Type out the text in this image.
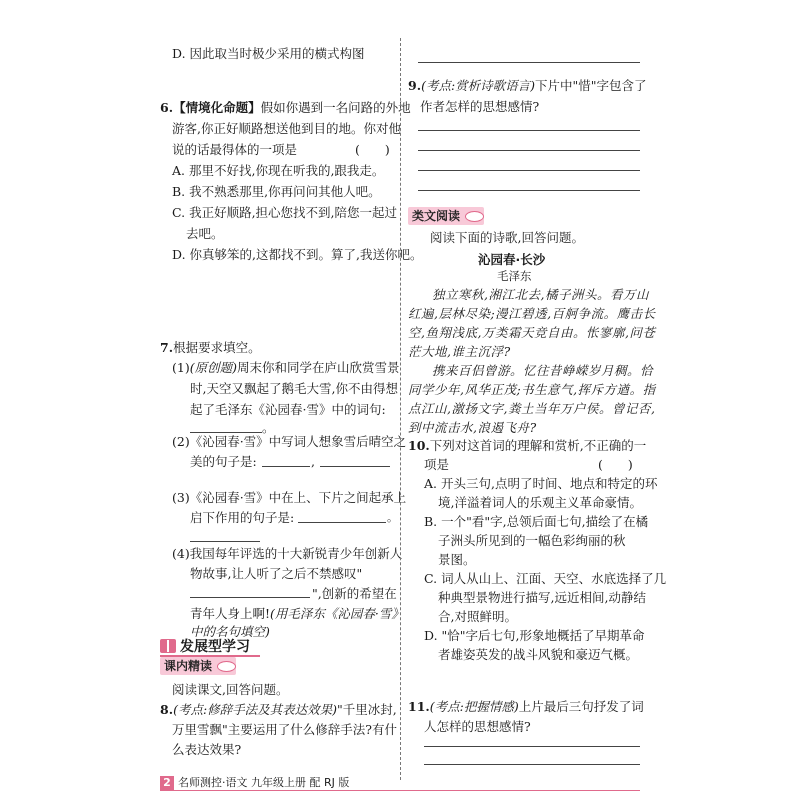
D. 因此取当时极少采用的横式构图
6.【情境化命题】假如你遇到一名问路的外地
游客,你正好顺路想送他到目的地。你对他
说的话最得体的一项是	(　　)
A. 那里不好找,你现在听我的,跟我走。
B. 我不熟悉那里,你再问问其他人吧。
C. 我正好顺路,担心您找不到,陪您一起过
去吧。
D. 你真够笨的,这都找不到。算了,我送你吧。
7.根据要求填空。
(1)(原创题)周末你和同学在庐山欣赏雪景
时,天空又飘起了鹅毛大雪,你不由得想
起了毛泽东《沁园春·雪》中的词句:
。
(2)《沁园春·雪》中写词人想象雪后晴空之
美的句子是:	,
(3)《沁园春·雪》中在上、下片之间起承上
启下作用的句子是:	。
(4)我国每年评选的十大新锐青少年创新人
物故事,让人听了之后不禁感叹"
",创新的希望在
青年人身上啊!(用毛泽东《沁园春·雪》
中的名句填空)
发展型学习
课内精读
阅读课文,回答问题。
8.(考点:修辞手法及其表达效果)"千里冰封,
万里雪飘"主要运用了什么修辞手法?有什
么表达效果?
2 名师测控·语文 九年级上册 配 RJ 版
9.(考点:赏析诗歌语言)下片中"惜"字包含了
作者怎样的思想感情?
类文阅读
阅读下面的诗歌,回答问题。
沁园春·长沙
毛泽东
独立寒秋,湘江北去,橘子洲头。看万山
红遍,层林尽染;漫江碧透,百舸争流。鹰击长
空,鱼翔浅底,万类霜天竞自由。怅寥廓,问苍
茫大地,谁主沉浮?
携来百侣曾游。忆往昔峥嵘岁月稠。恰
同学少年,风华正茂;书生意气,挥斥方遒。指
点江山,激扬文字,粪土当年万户侯。曾记否,
到中流击水,浪遏飞舟?
10.下列对这首词的理解和赏析,不正确的一
项是	(　　)
A. 开头三句,点明了时间、地点和特定的环
境,洋溢着词人的乐观主义革命豪情。
B. 一个"看"字,总领后面七句,描绘了在橘
子洲头所见到的一幅色彩绚丽的秋
景图。
C. 词人从山上、江面、天空、水底选择了几
种典型景物进行描写,远近相间,动静结
合,对照鲜明。
D. "恰"字后七句,形象地概括了早期革命
者雄姿英发的战斗风貌和豪迈气概。
11.(考点:把握情感)上片最后三句抒发了词
人怎样的思想感情?
